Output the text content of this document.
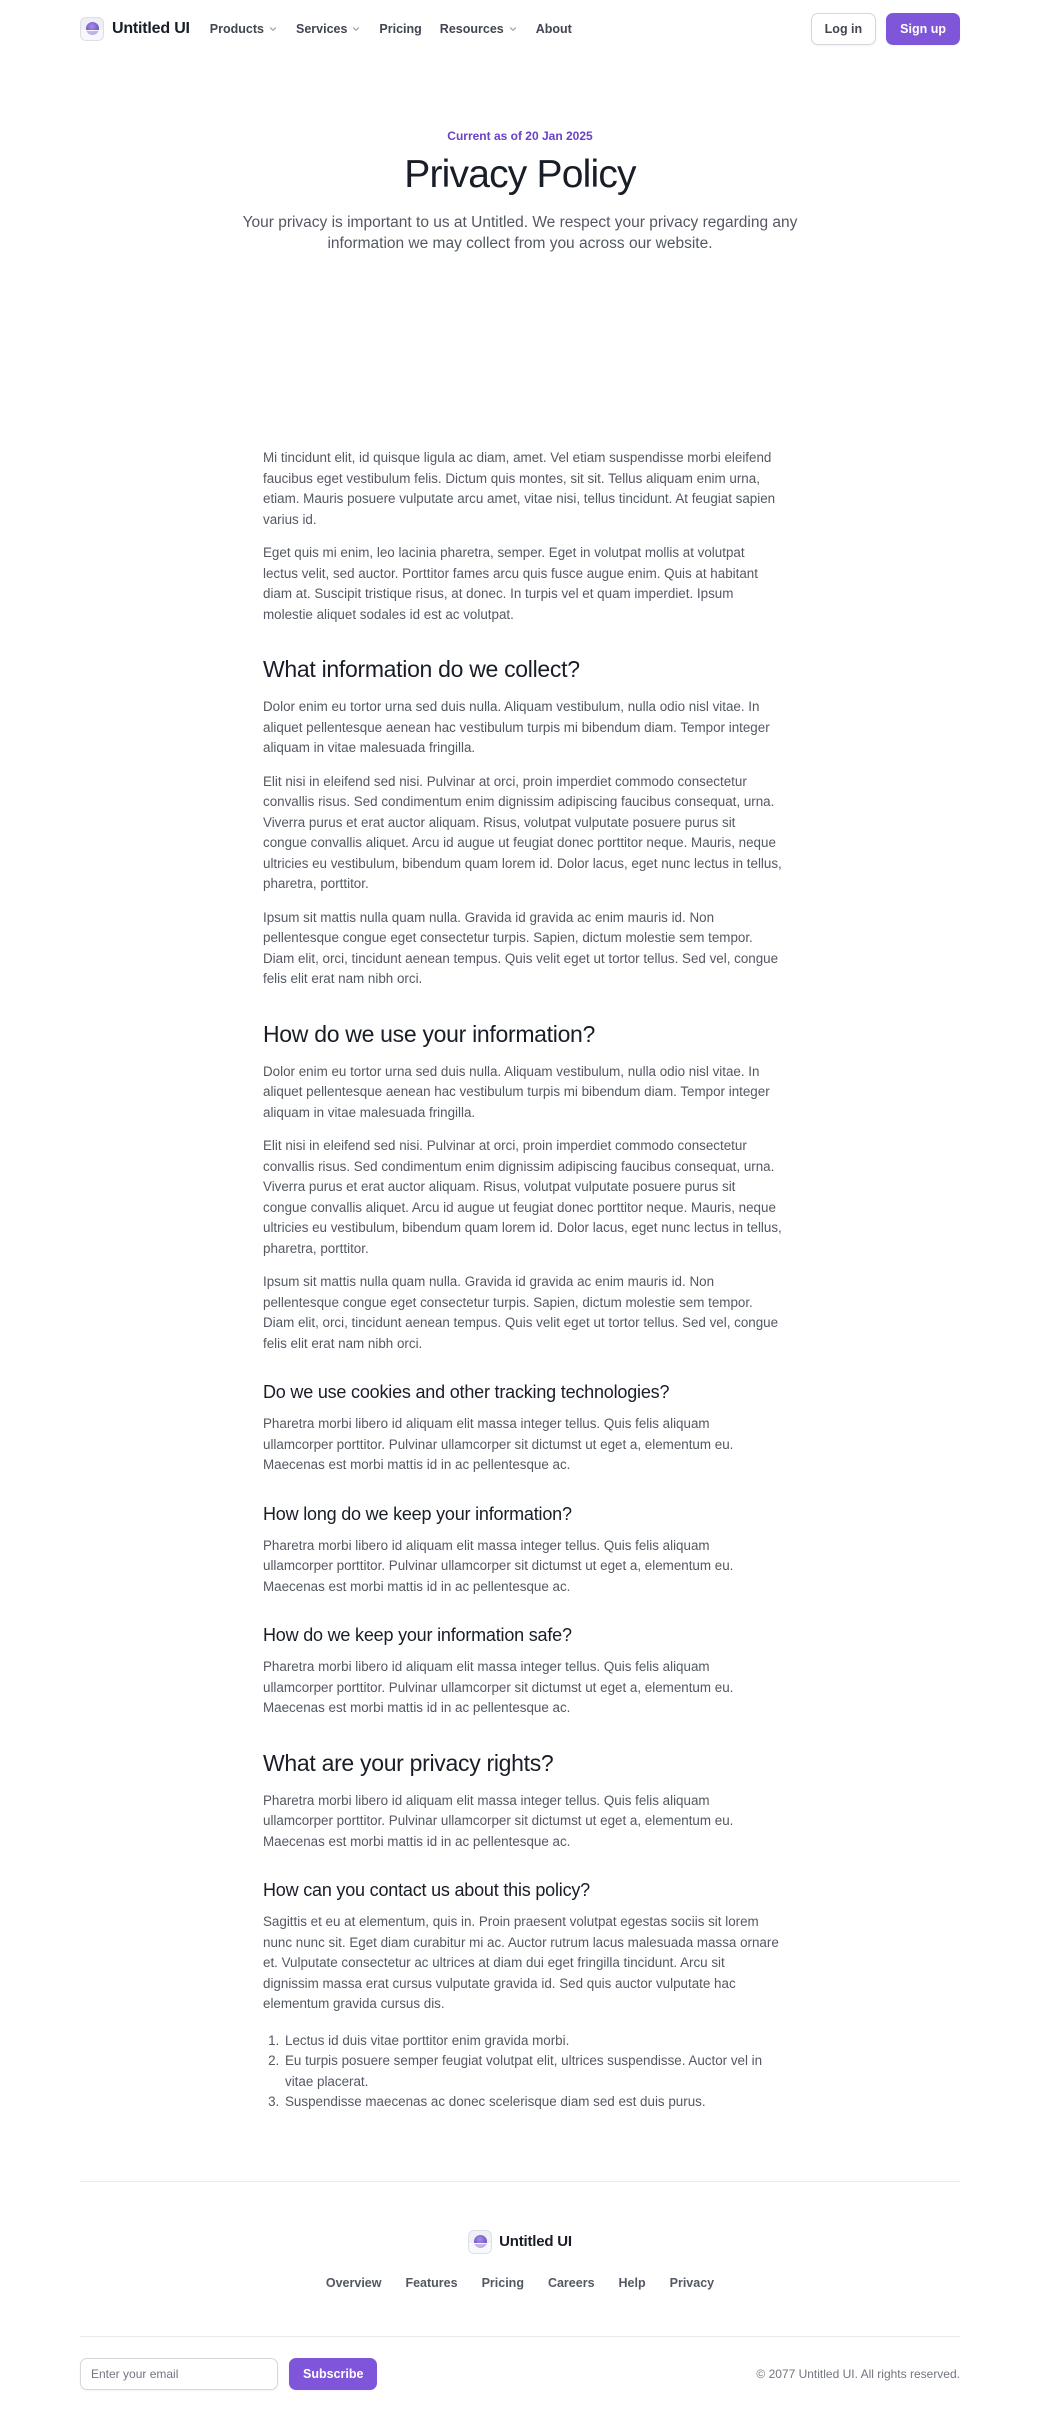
Untitled UI Products	Services	Pricing Resources	About	Log in	Sign up
Current as of 20 Jan 2025
Privacy Policy

Your privacy is important to us at Untitled. We respect your privacy regarding any information we may collect from you across our website.

Mi tincidunt elit, id quisque ligula ac diam, amet. Vel etiam suspendisse morbi eleifend faucibus eget vestibulum felis. Dictum quis montes, sit sit. Tellus aliquam enim urna, etiam. Mauris posuere vulputate arcu amet, vitae nisi, tellus tincidunt. At feugiat sapien varius id.

Eget quis mi enim, leo lacinia pharetra, semper. Eget in volutpat mollis at volutpat lectus velit, sed auctor. Porttitor fames arcu quis fusce augue enim. Quis at habitant diam at. Suscipit tristique risus, at donec. In turpis vel et quam imperdiet. Ipsum molestie aliquet sodales id est ac volutpat.

What information do we collect?

Dolor enim eu tortor urna sed duis nulla. Aliquam vestibulum, nulla odio nisl vitae. In aliquet pellentesque aenean hac vestibulum turpis mi bibendum diam. Tempor integer aliquam in vitae malesuada fringilla.

Elit nisi in eleifend sed nisi. Pulvinar at orci, proin imperdiet commodo consectetur convallis risus. Sed condimentum enim dignissim adipiscing faucibus consequat, urna. Viverra purus et erat auctor aliquam. Risus, volutpat vulputate posuere purus sit congue convallis aliquet. Arcu id augue ut feugiat donec porttitor neque. Mauris, neque ultricies eu vestibulum, bibendum quam lorem id. Dolor lacus, eget nunc lectus in tellus, pharetra, porttitor.

Ipsum sit mattis nulla quam nulla. Gravida id gravida ac enim mauris id. Non pellentesque congue eget consectetur turpis. Sapien, dictum molestie sem tempor. Diam elit, orci, tincidunt aenean tempus. Quis velit eget ut tortor tellus. Sed vel, congue felis elit erat nam nibh orci.

How do we use your information?

Dolor enim eu tortor urna sed duis nulla. Aliquam vestibulum, nulla odio nisl vitae. In aliquet pellentesque aenean hac vestibulum turpis mi bibendum diam. Tempor integer aliquam in vitae malesuada fringilla.

Elit nisi in eleifend sed nisi. Pulvinar at orci, proin imperdiet commodo consectetur convallis risus. Sed condimentum enim dignissim adipiscing faucibus consequat, urna. Viverra purus et erat auctor aliquam. Risus, volutpat vulputate posuere purus sit congue convallis aliquet. Arcu id augue ut feugiat donec porttitor neque. Mauris, neque ultricies eu vestibulum, bibendum quam lorem id. Dolor lacus, eget nunc lectus in tellus, pharetra, porttitor.

Ipsum sit mattis nulla quam nulla. Gravida id gravida ac enim mauris id. Non pellentesque congue eget consectetur turpis. Sapien, dictum molestie sem tempor. Diam elit, orci, tincidunt aenean tempus. Quis velit eget ut tortor tellus. Sed vel, congue felis elit erat nam nibh orci.

Do we use cookies and other tracking technologies?

Pharetra morbi libero id aliquam elit massa integer tellus. Quis felis aliquam ullamcorper porttitor. Pulvinar ullamcorper sit dictumst ut eget a, elementum eu. Maecenas est morbi mattis id in ac pellentesque ac.

How long do we keep your information?

Pharetra morbi libero id aliquam elit massa integer tellus. Quis felis aliquam ullamcorper porttitor. Pulvinar ullamcorper sit dictumst ut eget a, elementum eu. Maecenas est morbi mattis id in ac pellentesque ac.

How do we keep your information safe?

Pharetra morbi libero id aliquam elit massa integer tellus. Quis felis aliquam ullamcorper porttitor. Pulvinar ullamcorper sit dictumst ut eget a, elementum eu. Maecenas est morbi mattis id in ac pellentesque ac.

What are your privacy rights?

Pharetra morbi libero id aliquam elit massa integer tellus. Quis felis aliquam ullamcorper porttitor. Pulvinar ullamcorper sit dictumst ut eget a, elementum eu. Maecenas est morbi mattis id in ac pellentesque ac.

How can you contact us about this policy?

Sagittis et eu at elementum, quis in. Proin praesent volutpat egestas sociis sit lorem nunc nunc sit. Eget diam curabitur mi ac. Auctor rutrum lacus malesuada massa ornare et. Vulputate consectetur ac ultrices at diam dui eget fringilla tincidunt. Arcu sit dignissim massa erat cursus vulputate gravida id. Sed quis auctor vulputate hac elementum gravida cursus dis.

1. Lectus id duis vitae porttitor enim gravida morbi.
2. Eu turpis posuere semper feugiat volutpat elit, ultrices suspendisse. Auctor vel in vitae placerat.
3. Suspendisse maecenas ac donec scelerisque diam sed est duis purus.
Untitled UI
Overview Features Pricing Careers Help Privacy
Enter your email
Subscribe	© 2077 Untitled UI. All rights reserved.
